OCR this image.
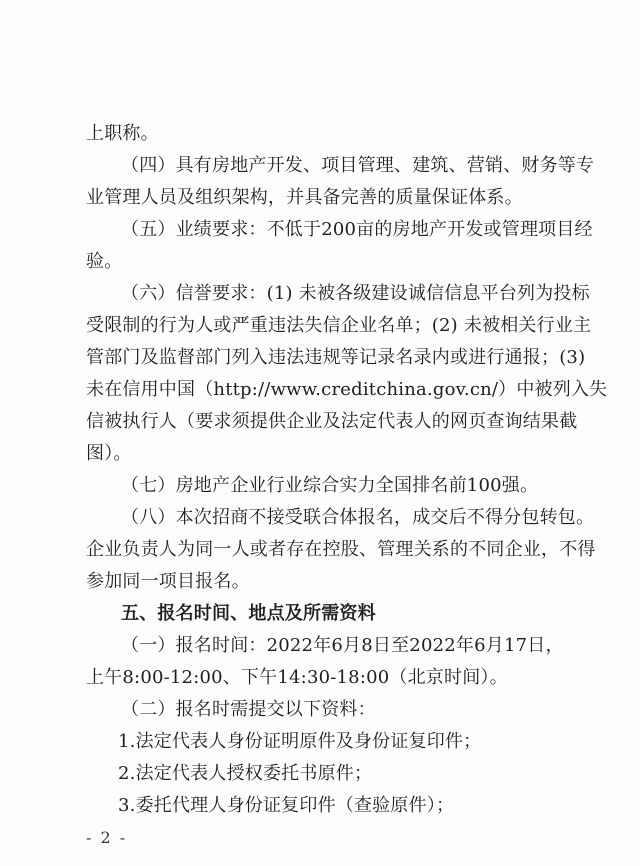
上职称。
（四）具有房地产开发、项目管理、建筑、营销、财务等专
业管理人员及组织架构，并具备完善的质量保证体系。
（五）业绩要求：不低于200亩的房地产开发或管理项目经
验。
（六）信誉要求：(1) 未被各级建设诚信信息平台列为投标
受限制的行为人或严重违法失信企业名单；(2) 未被相关行业主
管部门及监督部门列入违法违规等记录名录内或进行通报；(3)
未在信用中国（http://www.creditchina.gov.cn/）中被列入失
信被执行人（要求须提供企业及法定代表人的网页查询结果截
图）。
（七）房地产企业行业综合实力全国排名前100强。
（八）本次招商不接受联合体报名，成交后不得分包转包。
企业负责人为同一人或者存在控股、管理关系的不同企业，不得
参加同一项目报名。
五、报名时间、地点及所需资料
（一）报名时间：2022年6月8日至2022年6月17日，
上午8:00-12:00、下午14:30-18:00（北京时间）。
（二）报名时需提交以下资料：
1.法定代表人身份证明原件及身份证复印件；
2.法定代表人授权委托书原件；
3.委托代理人身份证复印件（查验原件）；
- 2 -
